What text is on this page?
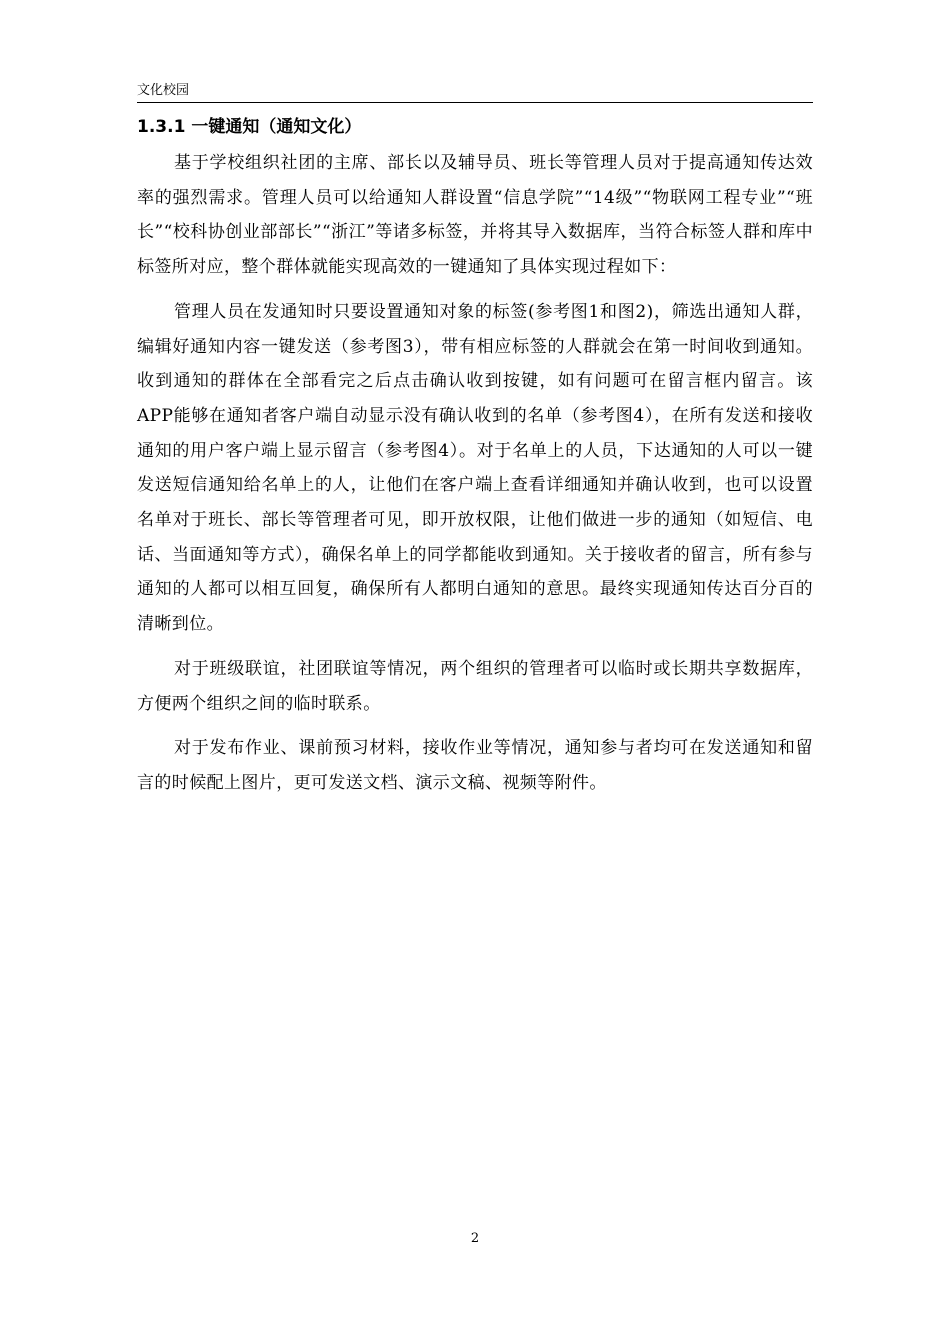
文化校园
1.3.1 一键通知（通知文化）

基于学校组织社团的主席、部长以及辅导员、班长等管理人员对于提高通知传达效率的强烈需求。管理人员可以给通知人群设置“信息学院”“14级”“物联网工程专业”“班长”“校科协创业部部长”“浙江”等诸多标签，并将其导入数据库，当符合标签人群和库中标签所对应，整个群体就能实现高效的一键通知了具体实现过程如下：

管理人员在发通知时只要设置通知对象的标签(参考图1和图2)，筛选出通知人群，编辑好通知内容一键发送（参考图3），带有相应标签的人群就会在第一时间收到通知。收到通知的群体在全部看完之后点击确认收到按键，如有问题可在留言框内留言。该APP能够在通知者客户端自动显示没有确认收到的名单（参考图4），在所有发送和接收通知的用户客户端上显示留言（参考图4）。对于名单上的人员，下达通知的人可以一键发送短信通知给名单上的人，让他们在客户端上查看详细通知并确认收到，也可以设置名单对于班长、部长等管理者可见，即开放权限，让他们做进一步的通知（如短信、电话、当面通知等方式），确保名单上的同学都能收到通知。关于接收者的留言，所有参与通知的人都可以相互回复，确保所有人都明白通知的意思。最终实现通知传达百分百的清晰到位。

对于班级联谊，社团联谊等情况，两个组织的管理者可以临时或长期共享数据库，方便两个组织之间的临时联系。

对于发布作业、课前预习材料，接收作业等情况，通知参与者均可在发送通知和留言的时候配上图片，更可发送文档、演示文稿、视频等附件。

2
